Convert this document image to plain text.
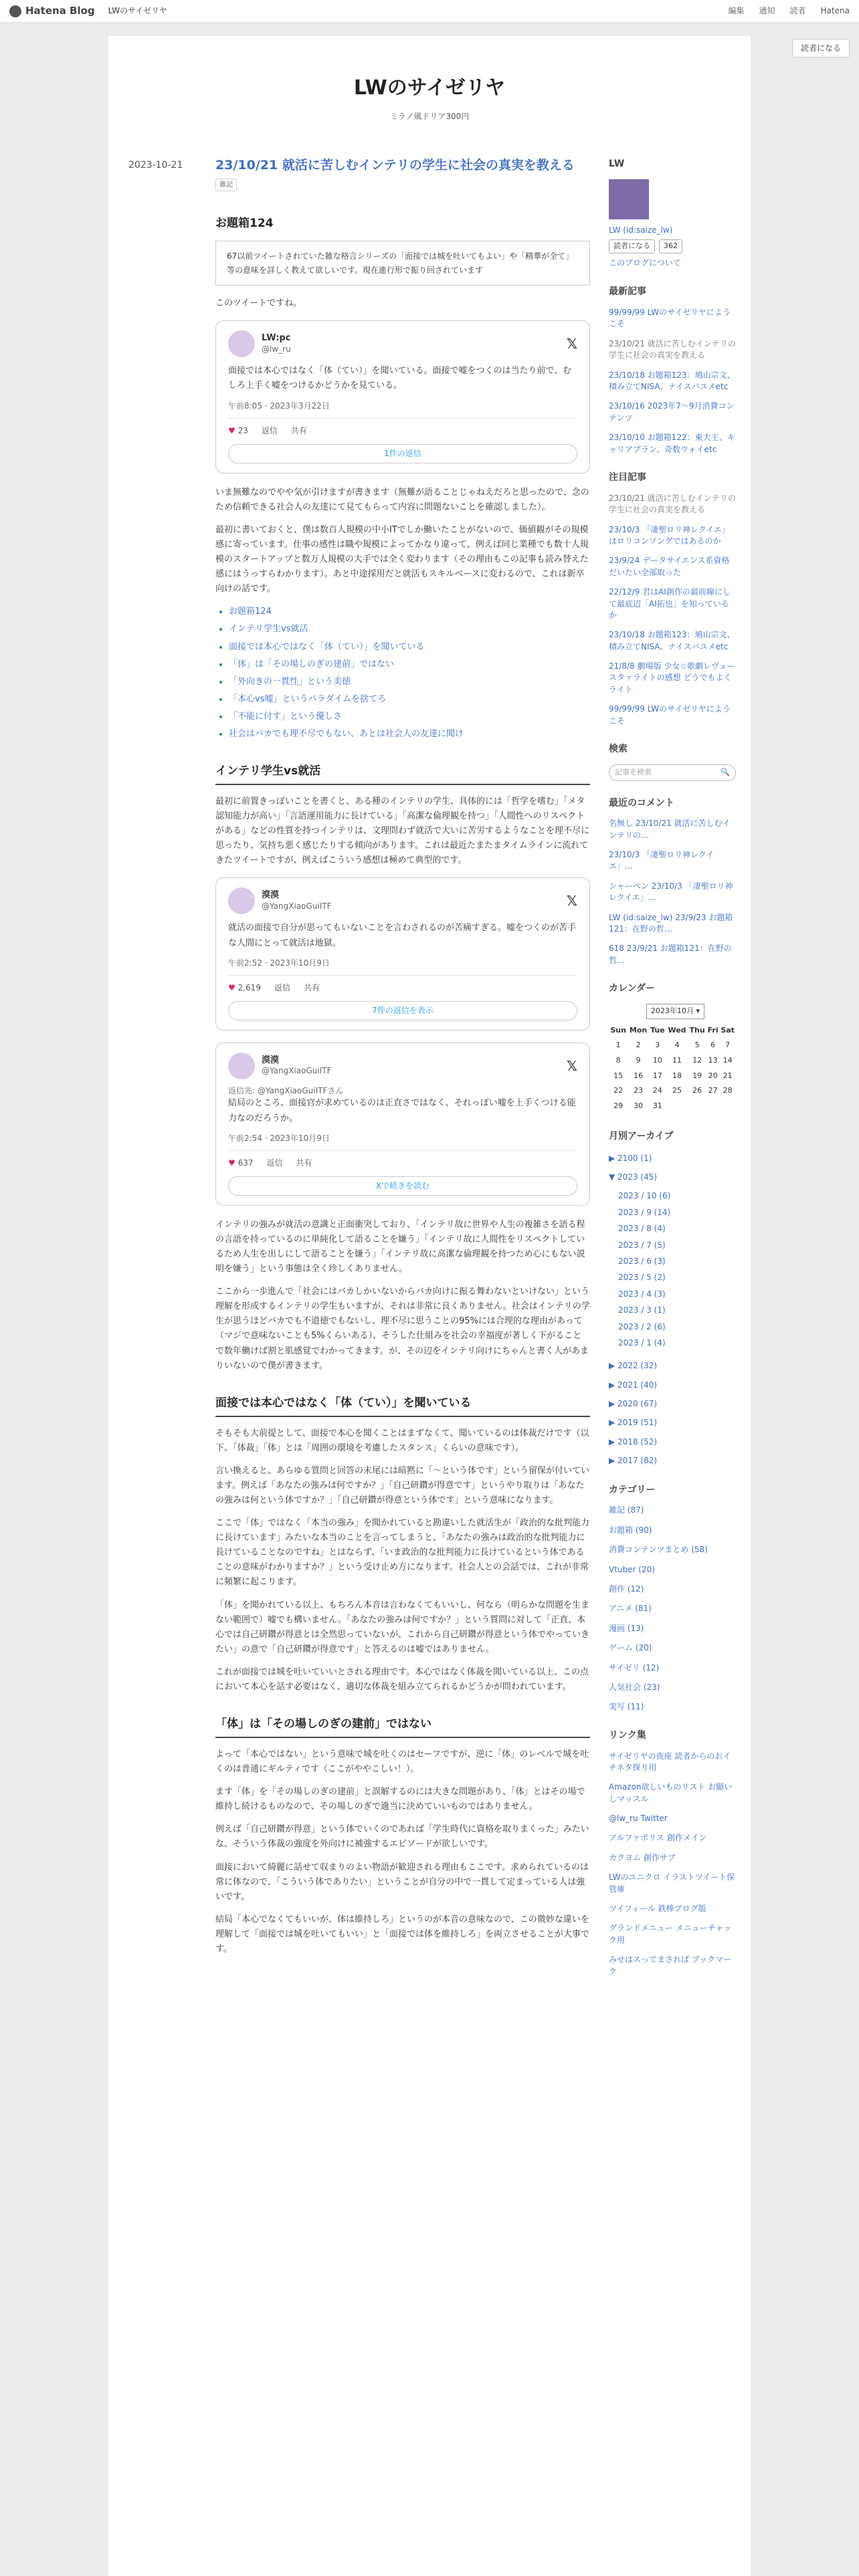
Hatena Blog LWのサイゼリヤ	編集 通知 読者 Hatena
読者になる
LWのサイゼリヤ
ミラノ風ドリア300円
2023-10-21	23/10/21 就活に苦しむインテリの学生に社会の真実を教える
雑記
お題箱124
67以前ツイートされていた雑な格言シリーズの「面接では城を吐いてもよい」や「精華が全て」等の意味を詳しく教えて欲しいです。現在進行形で振り回されています

このツイートですね。

LW:pc
@lw_ru	𝕏
面接では本心ではなく「体（てい）」を聞いている。面接で嘘をつくのは当たり前で、むしろ上手く嘘をつけるかどうかを見ている。
午前8:05 · 2023年3月22日
♥ 23 返信 共有
1件の返信

いま無難なのでやや気が引けますが書きます（無難が語ることじゃねえだろと思ったので、念のため信頼できる社会人の友達にて見てもらって内容に問題ないことを確認しました）。

最初に書いておくと、僕は数百人規模の中小ITでしか働いたことがないので、価値観がその規模感に寄っています。仕事の感性は職や規模によってかなり違って、例えば同じ業種でも数十人規模のスタートアップと数万人規模の大手では全く変わります（その理由もこの記事も読み替えた感にはうっすらわかります）。あと中途採用だと就活もスキルベースに変わるので、これは新卒向けの話です。

• お題箱124
• インテリ学生vs就活
• 面接では本心ではなく「体（てい）」を聞いている
• 「体」は「その場しのぎの建前」ではない
• 「外向きの一貫性」という美徳
• 「本心vs嘘」というパラダイムを捨てろ
• 「不能に付す」という優しさ
• 社会はバカでも理不尽でもない、あとは社会人の友達に聞け
インテリ学生vs就活

最初に前置きっぽいことを書くと、ある種のインテリの学生、具体的には「哲学を嗜む」「メタ認知能力が高い」「言語運用能力に長けている」「高潔な倫理観を持つ」「人間性へのリスペクトがある」などの性質を持つインテリは、文理問わず就活で大いに苦労するようなことを理不尽に思ったり、気持ち悪く感じたりする傾向があります。これは最近たまたまタイムラインに流れてきたツイートですが、例えばこういう感想は極めて典型的です。

漠漠
@YangXiaoGuiITF	𝕏
就活の面接で自分が思ってもいないことを言わされるのが苦痛すぎる。嘘をつくのが苦手な人間にとって就活は地獄。
午前2:52 · 2023年10月9日
♥ 2,619 返信 共有
7件の返信を表示
漠漠
@YangXiaoGuiITF	𝕏
返信先: @YangXiaoGuiITFさん
結局のところ、面接官が求めているのは正直さではなく、それっぽい嘘を上手くつける能力なのだろうか。
午前2:54 · 2023年10月9日
♥ 637 返信 共有
Xで続きを読む

インテリの強みが就活の意識と正面衝突しており、「インテリ故に世界や人生の複雑さを語る程の言語を持っているのに単純化して語ることを嫌う」「インテリ故に人間性をリスペクトしているため人生を出しにして語ることを嫌う」「インテリ故に高潔な倫理観を持つため心にもない説明を嫌う」という事態は全く珍しくありません。

ここから一歩進んで「社会にはバカしかいないからバカ向けに振る舞わないといけない」という理解を形成するインテリの学生もいますが、それは非常に良くありません。社会はインテリの学生が思うほどバカでも不道徳でもないし、理不尽に思うことの95%には合理的な理由があって（マジで意味ないことも5%くらいある）、そうした仕組みを社会の幸福度が著しく下がることで数年働けば割と肌感覚でわかってきます。が、その辺をインテリ向けにちゃんと書く人があまりいないので僕が書きます。

面接では本心ではなく「体（てい）」を聞いている

そもそも大前提として、面接で本心を聞くことはまずなくて、聞いているのは体裁だけです（以下、「体裁」「体」とは「周囲の環境を考慮したスタンス」くらいの意味です）。

言い換えると、あらゆる質問と回答の末尾には暗黙に「〜という体です」という留保が付いています。例えば「あなたの強みは何ですか？」「自己研鑽が得意です」というやり取りは「あなたの強みは何という体ですか？」「自己研鑽が得意という体です」という意味になります。

ここで「体」ではなく「本当の強み」を聞かれていると勘違いした就活生が「政治的な批判能力に長けています」みたいな本当のことを言ってしまうと、「あなたの強みは政治的な批判能力に長けていることなのですね」とはならず、「いま政治的な批判能力に長けているという体であることの意味がわかりますか？」という受け止め方になります。社会人との会話では、これが非常に頻繁に起こります。

「体」を聞かれている以上、もちろん本音は言わなくてもいいし、何なら（明らかな問題を生まない範囲で）嘘でも構いません。「あなたの強みは何ですか？」という質問に対して「正直、本心では自己研鑽が得意とは全然思っていないが、これから自己研鑽が得意という体でやっていきたい」の意で「自己研鑽が得意です」と答えるのは嘘ではありません。

これが面接では城を吐いていいとされる理由です。本心ではなく体裁を聞いている以上、この点において本心を話す必要はなく、適切な体裁を組み立てられるかどうかが問われています。

「体」は「その場しのぎの建前」ではない

よって「本心ではない」という意味で城を吐くのはセーフですが、逆に「体」のレベルで城を吐くのは普通にギルティです（ここがややこしい！）。

ます「体」を「その場しのぎの建前」と誤解するのには大きな問題があり、「体」とはその場で維持し続けるものなので、その場しのぎで適当に決めていいものではありません。

例えば「自己研鑽が得意」という体でいくのであれば「学生時代に資格を取りまくった」みたいな、そういう体裁の強度を外向けに補強するエピソードが欲しいです。

面接において綺麗に話せて収まりのよい物語が歓迎される理由もここです。求められているのは常に体なので、「こういう体でありたい」ということが自分の中で一貫して定まっている人は強いです。

結局「本心でなくてもいいが、体は維持しろ」というのが本音の意味なので、この微妙な違いを理解して「面接では城を吐いてもいい」と「面接では体を維持しろ」を両立させることが大事です。

LW
LW (id:saize_lw)
読者になる	362
このブログについて
最新記事
99/99/99 LWのサイゼリヤにようこそ
23/10/21 就活に苦しむインテリの学生に社会の真実を教える
23/10/18 お題箱123：鳩山宗文、積み立てNISA、ナイスバユメetc
23/10/16 2023年7〜9月消費コンテンツ
23/10/10 お題箱122：東大王、キャリアプラン、奇数ウォイetc
注目記事
23/10/21 就活に苦しむインテリの学生に社会の真実を教える
23/10/3 「凄聖ロリ神レクイエ」はロリコンソングではあるのか
23/9/24 データサイエンス系資格だいたい全部取った
22/12/9 君はAI創作の最前線にして最底辺「AI拓也」を知っているか
23/10/18 お題箱123：鳩山宗文、積み立てNISA、ナイスバユメetc
21/8/8 劇場版 少女☆歌劇レヴュースタァライトの感想 どうでもよくライト
99/99/99 LWのサイゼリヤにようこそ
検索
記事を検索	🔍
最近のコメント
名無し 23/10/21 就活に苦しむインテリの…
23/10/3 「凄聖ロリ神レクイエ」…
シャーペン 23/10/3 「凄聖ロリ神レクイエ」…
LW (id:saize_lw) 23/9/23 お題箱121：在野の哲…
618 23/9/21 お題箱121：在野の哲…
カレンダー
2023年10月 ▾
Sun	Mon	Tue	Wed	Thu	Fri	Sat
1	2	3	4	5	6	7
8	9	10	11	12	13	14
15	16	17	18	19	20	21
22	23	24	25	26	27	28
29	30	31				
月別アーカイブ
▶ 2100 (1)
▼ 2023 (45)
2023 / 10 (6)
2023 / 9 (14)
2023 / 8 (4)
2023 / 7 (5)
2023 / 6 (3)
2023 / 5 (2)
2023 / 4 (3)
2023 / 3 (1)
2023 / 2 (6)
2023 / 1 (4)
▶ 2022 (32)
▶ 2021 (40)
▶ 2020 (67)
▶ 2019 (51)
▶ 2018 (52)
▶ 2017 (82)
カテゴリー
雑記 (87)
お題箱 (90)
消費コンテンツまとめ (58)
Vtuber (20)
創作 (12)
アニメ (81)
漫画 (13)
ゲーム (20)
サイゼリ (12)
人気社会 (23)
実写 (11)
リンク集
サイゼリヤの夜座 読者からのおイチネタ探り用
Amazon欲しいものリスト お願いしマッスル
@lw_ru Twitter
アルファポリス 創作メイン
カクヨム 創作サブ
LWのユニクロ イラストツイート保管庫
ツイフィール 鉄棒ブログ版
グランドメニュー メニューチャック用
みせはスってまされば ブックマーク
